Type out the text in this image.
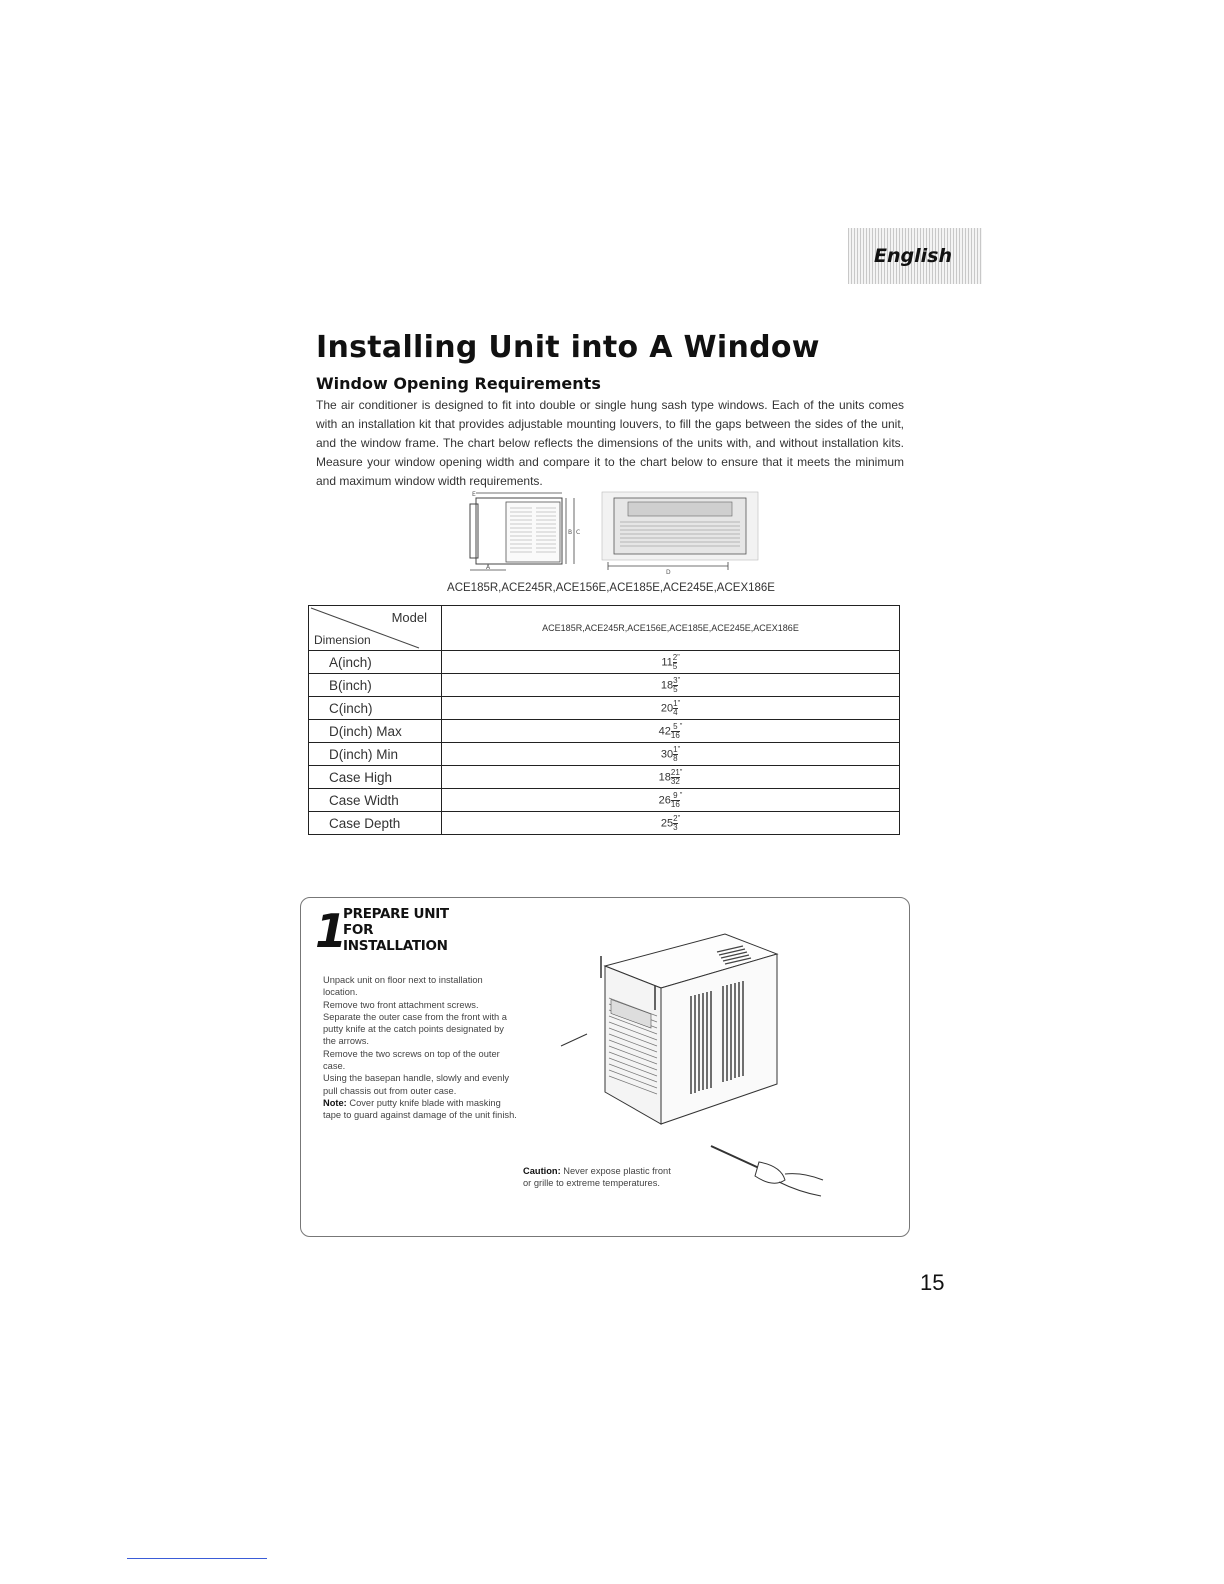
English
Installing Unit into A Window
Window Opening Requirements

The air conditioner is designed to fit into double or single hung sash type windows. Each of the units comes with an installation kit that provides adjustable mounting louvers, to fill the gaps between the sides of the unit, and the window frame. The chart below reflects the dimensions of the units with, and without installation kits. Measure your window opening width and compare it to the chart below to ensure that it meets the minimum and maximum window width requirements.

B C
A
E
D
ACE185R,ACE245R,ACE156E,ACE185E,ACE245E,ACEX186E
Model
Dimension	ACE185R,ACE245R,ACE156E,ACE185E,ACE245E,ACEX186E
A(inch)	$11 \frac{2}{5} ^"$
B(inch)	$18 \frac{3}{5} ^"$
C(inch)	$20 \frac{1}{4} ^"$
D(inch) Max	$42 \frac{5}{16} ^"$
D(inch) Min	$30 \frac{1}{8} ^"$
Case High	$18 \frac{21}{32} ^"$
Case Width	$26 \frac{9}{16} ^"$
Case Depth	$25 \frac{2}{3} ^"$
1
PREPARE UNIT
FOR
INSTALLATION
Unpack unit on floor next to installation location.
Remove two front attachment screws.
Separate the outer case from the front with a putty knife at the catch points designated by the arrows.
Remove the two screws on top of the outer case.
Using the basepan handle, slowly and evenly pull chassis out from outer case.
Note: Cover putty knife blade with masking tape to guard against damage of the unit finish.
Caution: Never expose plastic front or grille to extreme temperatures.
15
